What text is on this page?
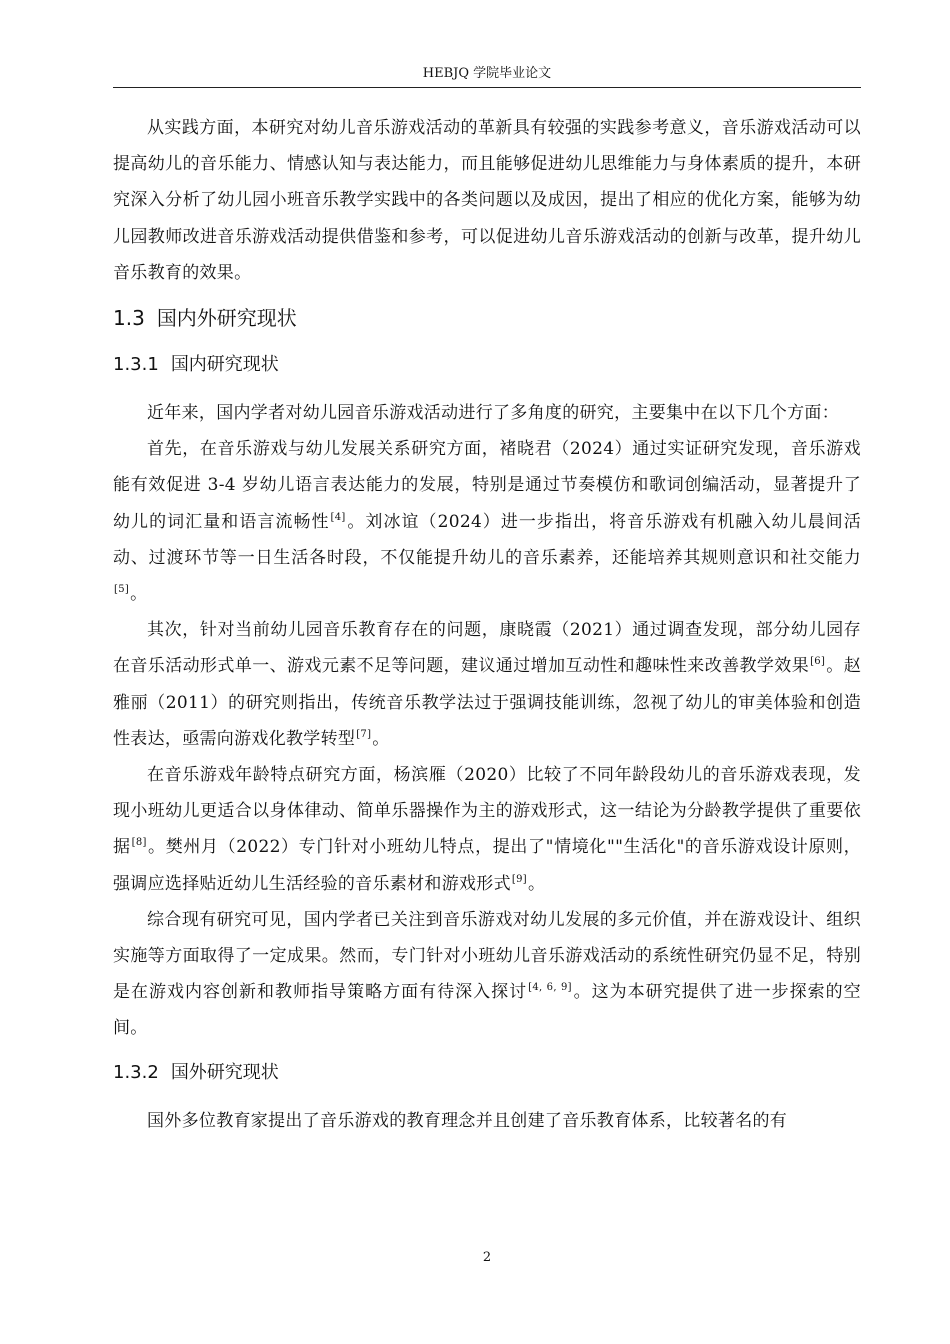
HEBJQ 学院毕业论文

从实践方面，本研究对幼儿音乐游戏活动的革新具有较强的实践参考意义，音乐游戏活动可以提高幼儿的音乐能力、情感认知与表达能力，而且能够促进幼儿思维能力与身体素质的提升，本研究深入分析了幼儿园小班音乐教学实践中的各类问题以及成因，提出了相应的优化方案，能够为幼儿园教师改进音乐游戏活动提供借鉴和参考，可以促进幼儿音乐游戏活动的创新与改革，提升幼儿音乐教育的效果。

1.3 国内外研究现状
1.3.1 国内研究现状

近年来，国内学者对幼儿园音乐游戏活动进行了多角度的研究，主要集中在以下几个方面：

首先，在音乐游戏与幼儿发展关系研究方面，褚晓君（2024）通过实证研究发现，音乐游戏能有效促进 3-4 岁幼儿语言表达能力的发展，特别是通过节奏模仿和歌词创编活动，显著提升了幼儿的词汇量和语言流畅性[4]。刘冰谊（2024）进一步指出，将音乐游戏有机融入幼儿晨间活动、过渡环节等一日生活各时段，不仅能提升幼儿的音乐素养，还能培养其规则意识和社交能力[5]。

其次，针对当前幼儿园音乐教育存在的问题，康晓霞（2021）通过调查发现，部分幼儿园存在音乐活动形式单一、游戏元素不足等问题，建议通过增加互动性和趣味性来改善教学效果[6]。赵雅丽（2011）的研究则指出，传统音乐教学法过于强调技能训练，忽视了幼儿的审美体验和创造性表达，亟需向游戏化教学转型[7]。

在音乐游戏年龄特点研究方面，杨滨雁（2020）比较了不同年龄段幼儿的音乐游戏表现，发现小班幼儿更适合以身体律动、简单乐器操作为主的游戏形式，这一结论为分龄教学提供了重要依据[8]。樊州月（2022）专门针对小班幼儿特点，提出了"情境化""生活化"的音乐游戏设计原则，强调应选择贴近幼儿生活经验的音乐素材和游戏形式[9]。

综合现有研究可见，国内学者已关注到音乐游戏对幼儿发展的多元价值，并在游戏设计、组织实施等方面取得了一定成果。然而，专门针对小班幼儿音乐游戏活动的系统性研究仍显不足，特别是在游戏内容创新和教师指导策略方面有待深入探讨[4, 6, 9]。这为本研究提供了进一步探索的空间。

1.3.2 国外研究现状

国外多位教育家提出了音乐游戏的教育理念并且创建了音乐教育体系，比较著名的有

2
